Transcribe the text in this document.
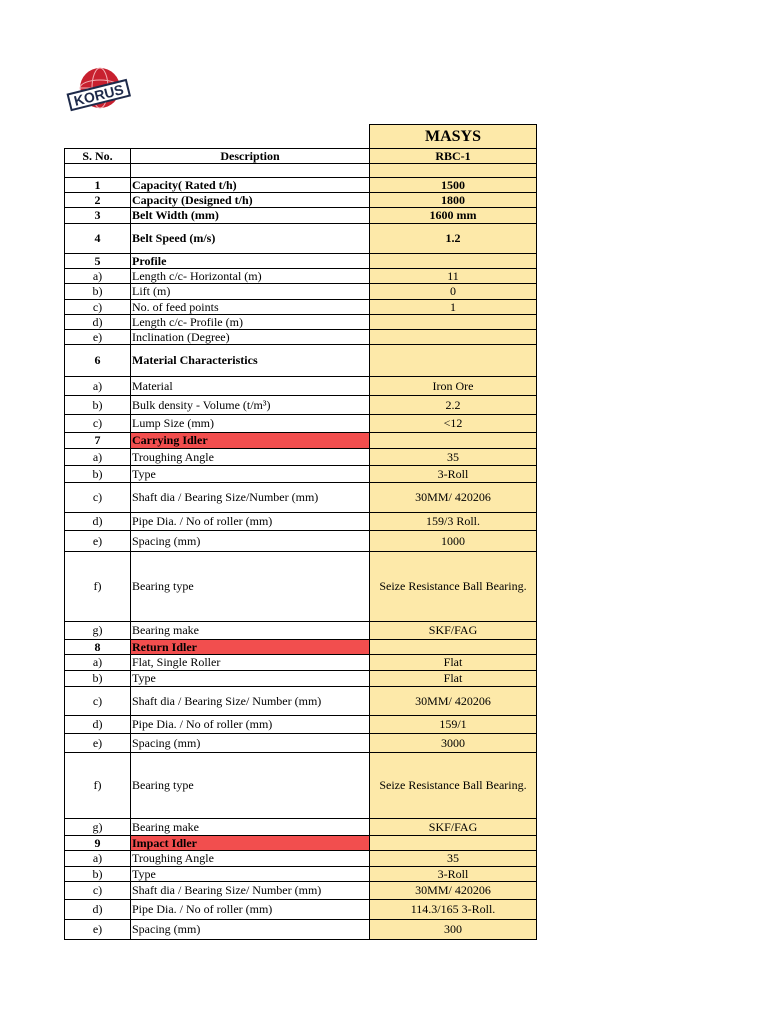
KORUS
		MASYS
S. No.	Description	RBC-1

1	Capacity( Rated t/h)	1500
2	Capacity (Designed t/h)	1800
3	Belt Width (mm)	1600 mm
4	Belt Speed (m/s)	1.2
5	Profile	
a)	Length c/c- Horizontal (m)	11
b)	Lift (m)	0
c)	No. of feed points	1
d)	Length c/c- Profile (m)	
e)	Inclination (Degree)	
6	Material Characteristics	
a)	Material	Iron Ore
b)	Bulk density - Volume (t/m³)	2.2
c)	Lump Size (mm)	<12
7	Carrying Idler	
a)	Troughing Angle	35
b)	Type	3-Roll
c)	Shaft dia / Bearing Size/Number (mm)	30MM/ 420206
d)	Pipe Dia. / No of roller (mm)	159/3 Roll.
e)	Spacing (mm)	1000
f)	Bearing type	Seize Resistance Ball Bearing.
g)	Bearing make	SKF/FAG
8	Return Idler	
a)	Flat, Single Roller	Flat
b)	Type	Flat
c)	Shaft dia / Bearing Size/ Number (mm)	30MM/ 420206
d)	Pipe Dia. / No of roller (mm)	159/1
e)	Spacing (mm)	3000
f)	Bearing type	Seize Resistance Ball Bearing.
g)	Bearing make	SKF/FAG
9	Impact Idler	
a)	Troughing Angle	35
b)	Type	3-Roll
c)	Shaft dia / Bearing Size/ Number (mm)	30MM/ 420206
d)	Pipe Dia. / No of roller (mm)	114.3/165 3-Roll.
e)	Spacing (mm)	300
